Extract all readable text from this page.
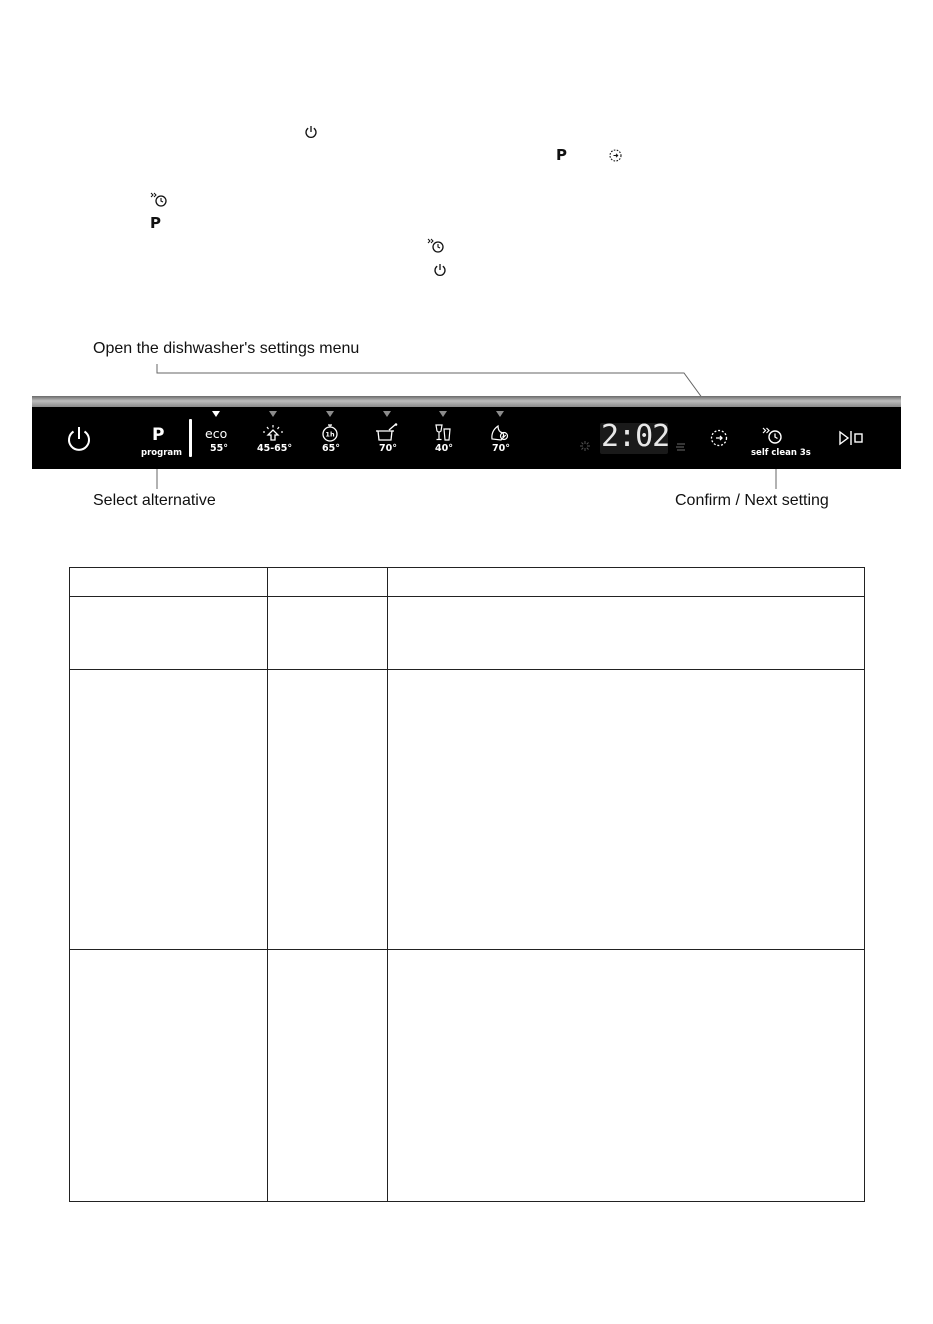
P
P
Open the dishwasher's settings menu
Select alternative	Confirm / Next setting
P
program
eco
55°	45-65°
1h
65°	70°	40°	70°	2:02	self clean 3s
